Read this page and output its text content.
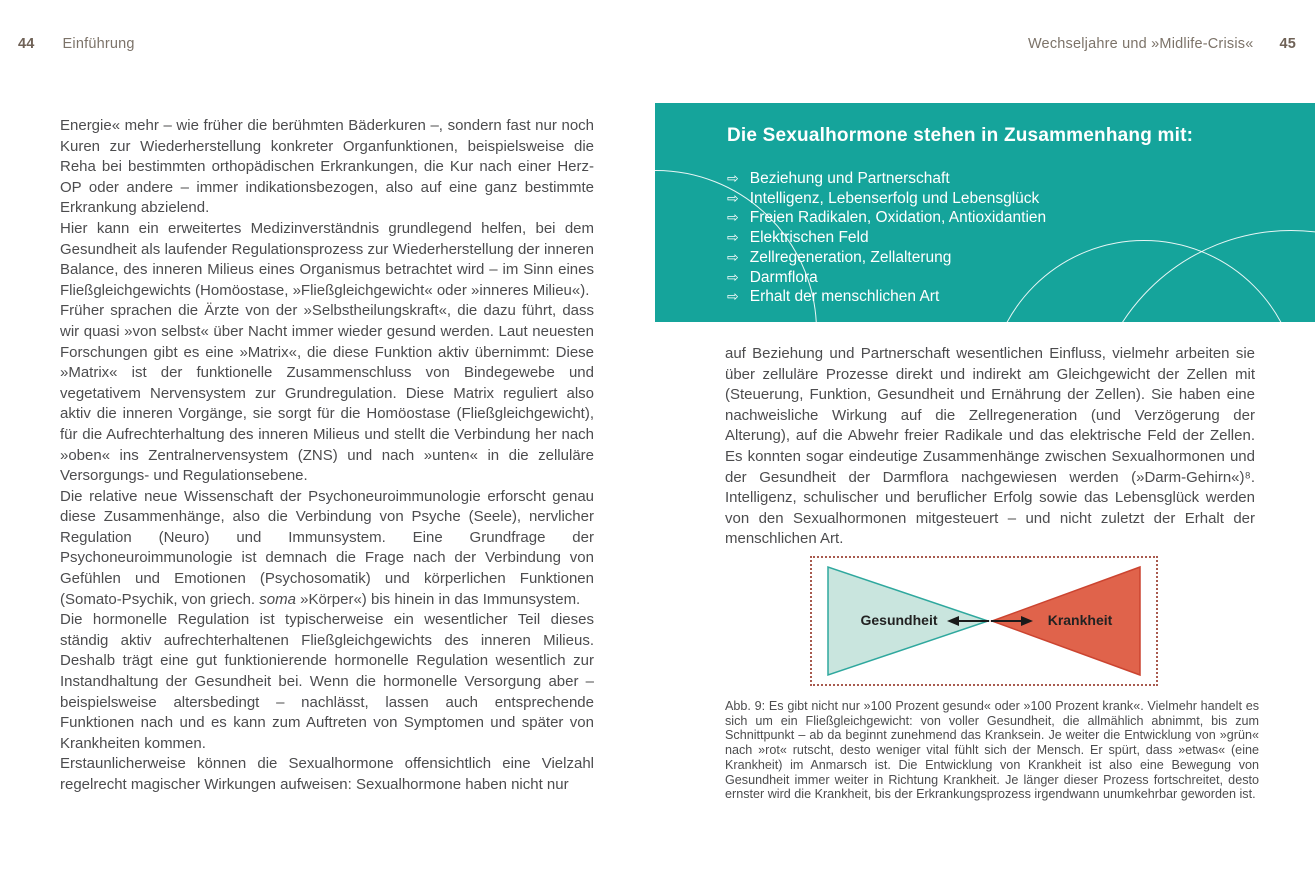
44 Einführung	Wechseljahre und »Midlife-Crisis« 45

Energie« mehr – wie früher die berühmten Bäderkuren –, sondern fast nur noch Kuren zur Wiederherstellung konkreter Organfunktionen, beispielsweise die Reha bei bestimmten orthopädischen Erkrankungen, die Kur nach einer Herz-OP oder andere – immer indikationsbezogen, also auf eine ganz bestimmte Erkrankung abzielend.

Hier kann ein erweitertes Medizinverständnis grundlegend helfen, bei dem Gesundheit als laufender Regulationsprozess zur Wiederherstellung der inneren Balance, des inneren Milieus eines Organismus betrachtet wird – im Sinn eines Fließgleichgewichts (Homöostase, »Fließgleichgewicht« oder »inneres Milieu«).

Früher sprachen die Ärzte von der »Selbstheilungskraft«, die dazu führt, dass wir quasi »von selbst« über Nacht immer wieder gesund werden. Laut neuesten Forschungen gibt es eine »Matrix«, die diese Funktion aktiv übernimmt: Diese »Matrix« ist der funktionelle Zusammenschluss von Bindegewebe und vegetativem Nervensystem zur Grundregulation. Diese Matrix reguliert also aktiv die inneren Vorgänge, sie sorgt für die Homöostase (Fließgleichgewicht), für die Aufrechterhaltung des inneren Milieus und stellt die Verbindung her nach »oben« ins Zentralnervensystem (ZNS) und nach »unten« in die zelluläre Versorgungs- und Regulationsebene.

Die relative neue Wissenschaft der Psychoneuroimmunologie erforscht genau diese Zusammenhänge, also die Verbindung von Psyche (Seele), nervlicher Regulation (Neuro) und Immunsystem. Eine Grundfrage der Psychoneuroimmunologie ist demnach die Frage nach der Verbindung von Gefühlen und Emotionen (Psychosomatik) und körperlichen Funktionen (Somato-Psychik, von griech. soma »Körper«) bis hinein in das Immunsystem.

Die hormonelle Regulation ist typischerweise ein wesentlicher Teil dieses ständig aktiv aufrechterhaltenen Fließgleichgewichts des inneren Milieus. Deshalb trägt eine gut funktionierende hormonelle Regulation wesentlich zur Instandhaltung der Gesundheit bei. Wenn die hormonelle Versorgung aber – beispielsweise altersbedingt – nachlässt, lassen auch entsprechende Funktionen nach und es kann zum Auftreten von Symptomen und später von Krankheiten kommen.

Erstaunlicherweise können die Sexualhormone offensichtlich eine Vielzahl regelrecht magischer Wirkungen aufweisen: Sexualhormone haben nicht nur

Die Sexualhormone stehen in Zusammenhang mit:
⇨ Beziehung und Partnerschaft
⇨ Intelligenz, Lebenserfolg und Lebensglück
⇨ Freien Radikalen, Oxidation, Antioxidantien
⇨ Elektrischen Feld
⇨ Zellregeneration, Zellalterung
⇨ Darmflora
⇨ Erhalt der menschlichen Art

auf Beziehung und Partnerschaft wesentlichen Einfluss, vielmehr arbeiten sie über zelluläre Prozesse direkt und indirekt am Gleichgewicht der Zellen mit (Steuerung, Funktion, Gesundheit und Ernährung der Zellen). Sie haben eine nachweisliche Wirkung auf die Zellregeneration (und Verzögerung der Alterung), auf die Abwehr freier Radikale und das elektrische Feld der Zellen. Es konnten sogar eindeutige Zusammenhänge zwischen Sexualhormonen und der Gesundheit der Darmflora nachgewiesen werden (»Darm-Gehirn«)⁸. Intelligenz, schulischer und beruflicher Erfolg sowie das Lebensglück werden von den Sexualhormonen mitgesteuert – und nicht zuletzt der Erhalt der menschlichen Art.

Gesundheit	Krankheit

Abb. 9: Es gibt nicht nur »100 Prozent gesund« oder »100 Prozent krank«. Vielmehr handelt es sich um ein Fließgleichgewicht: von voller Gesundheit, die allmählich abnimmt, bis zum Schnittpunkt – ab da beginnt zunehmend das Kranksein. Je weiter die Entwicklung von »grün« nach »rot« rutscht, desto weniger vital fühlt sich der Mensch. Er spürt, dass »etwas« (eine Krankheit) im Anmarsch ist. Die Entwicklung von Krankheit ist also eine Bewegung von Gesundheit immer weiter in Richtung Krankheit. Je länger dieser Prozess fortschreitet, desto ernster wird die Krankheit, bis der Erkrankungsprozess irgendwann unumkehrbar geworden ist.
